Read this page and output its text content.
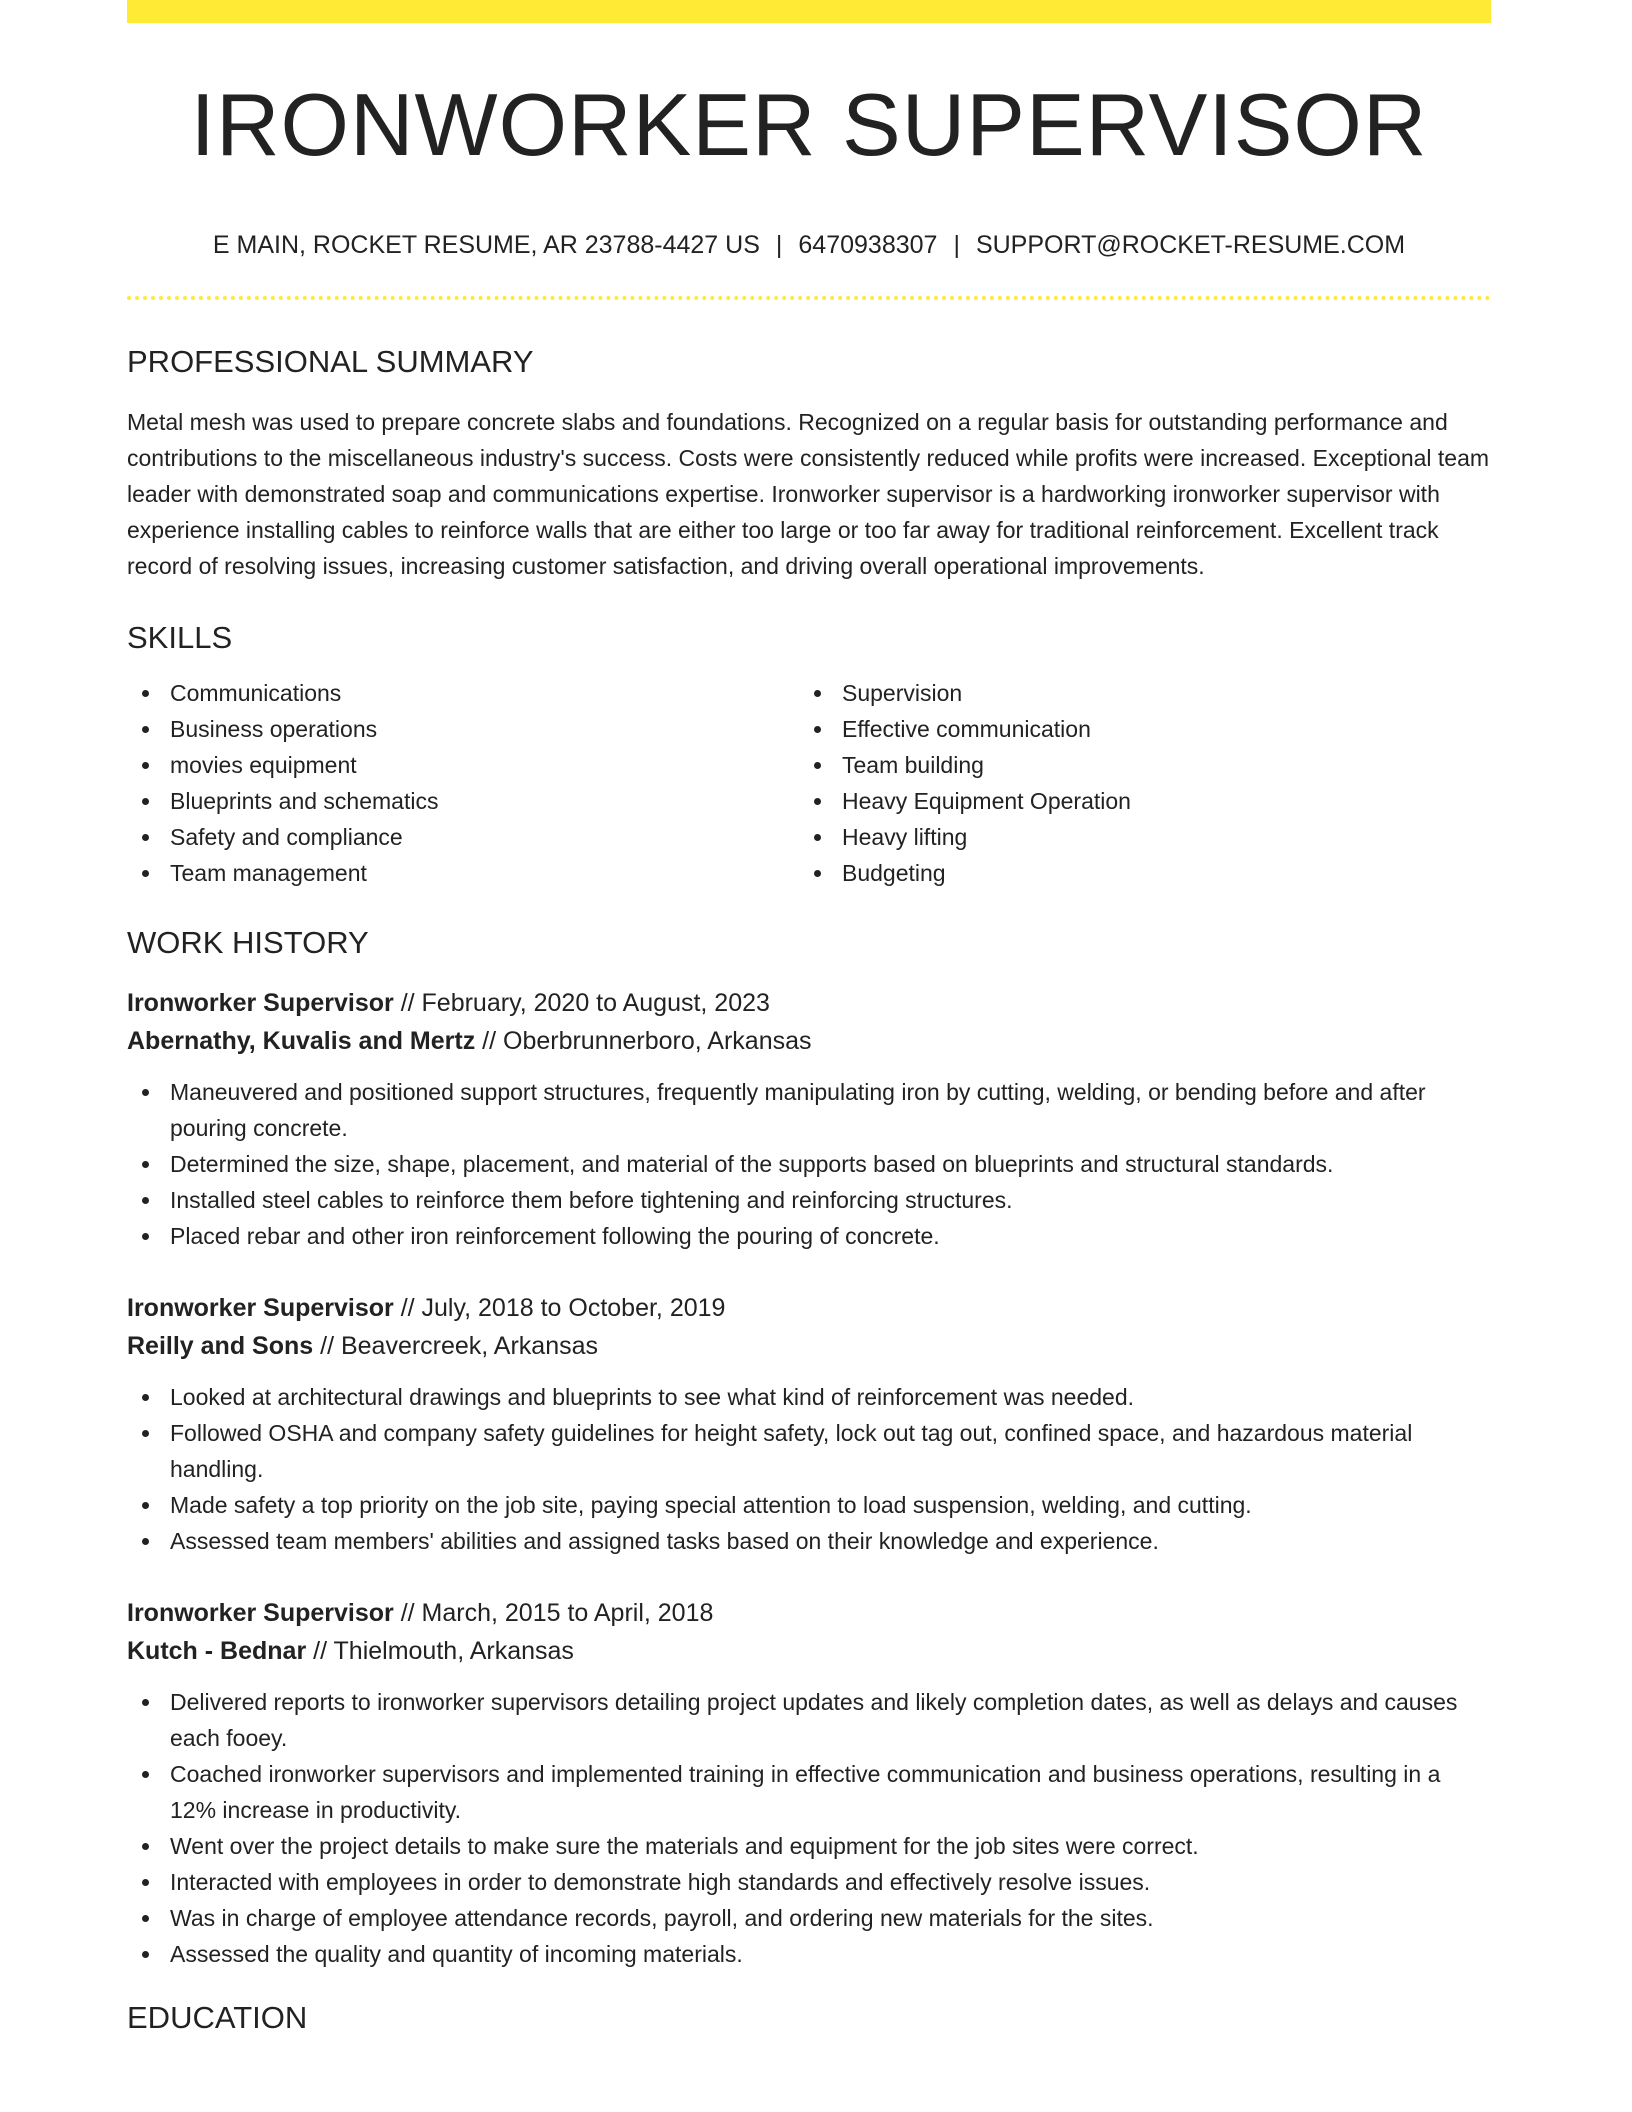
IRONWORKER SUPERVISOR
E MAIN, ROCKET RESUME, AR 23788-4427 US | 6470938307 | SUPPORT@ROCKET-RESUME.COM
PROFESSIONAL SUMMARY

Metal mesh was used to prepare concrete slabs and foundations. Recognized on a regular basis for outstanding performance and contributions to the miscellaneous industry's success. Costs were consistently reduced while profits were increased. Exceptional team leader with demonstrated soap and communications expertise. Ironworker supervisor is a hardworking ironworker supervisor with experience installing cables to reinforce walls that are either too large or too far away for traditional reinforcement. Excellent track record of resolving issues, increasing customer satisfaction, and driving overall operational improvements.

SKILLS
Communications
Business operations
movies equipment
Blueprints and schematics
Safety and compliance
Team management
Supervision
Effective communication
Team building
Heavy Equipment Operation
Heavy lifting
Budgeting
WORK HISTORY
Ironworker Supervisor // February, 2020 to August, 2023
Abernathy, Kuvalis and Mertz // Oberbrunnerboro, Arkansas
Maneuvered and positioned support structures, frequently manipulating iron by cutting, welding, or bending before and after pouring concrete.
Determined the size, shape, placement, and material of the supports based on blueprints and structural standards.
Installed steel cables to reinforce them before tightening and reinforcing structures.
Placed rebar and other iron reinforcement following the pouring of concrete.
Ironworker Supervisor // July, 2018 to October, 2019
Reilly and Sons // Beavercreek, Arkansas
Looked at architectural drawings and blueprints to see what kind of reinforcement was needed.
Followed OSHA and company safety guidelines for height safety, lock out tag out, confined space, and hazardous material handling.
Made safety a top priority on the job site, paying special attention to load suspension, welding, and cutting.
Assessed team members' abilities and assigned tasks based on their knowledge and experience.
Ironworker Supervisor // March, 2015 to April, 2018
Kutch - Bednar // Thielmouth, Arkansas
Delivered reports to ironworker supervisors detailing project updates and likely completion dates, as well as delays and causes each fooey.
Coached ironworker supervisors and implemented training in effective communication and business operations, resulting in a 12% increase in productivity.
Went over the project details to make sure the materials and equipment for the job sites were correct.
Interacted with employees in order to demonstrate high standards and effectively resolve issues.
Was in charge of employee attendance records, payroll, and ordering new materials for the sites.
Assessed the quality and quantity of incoming materials.
EDUCATION
